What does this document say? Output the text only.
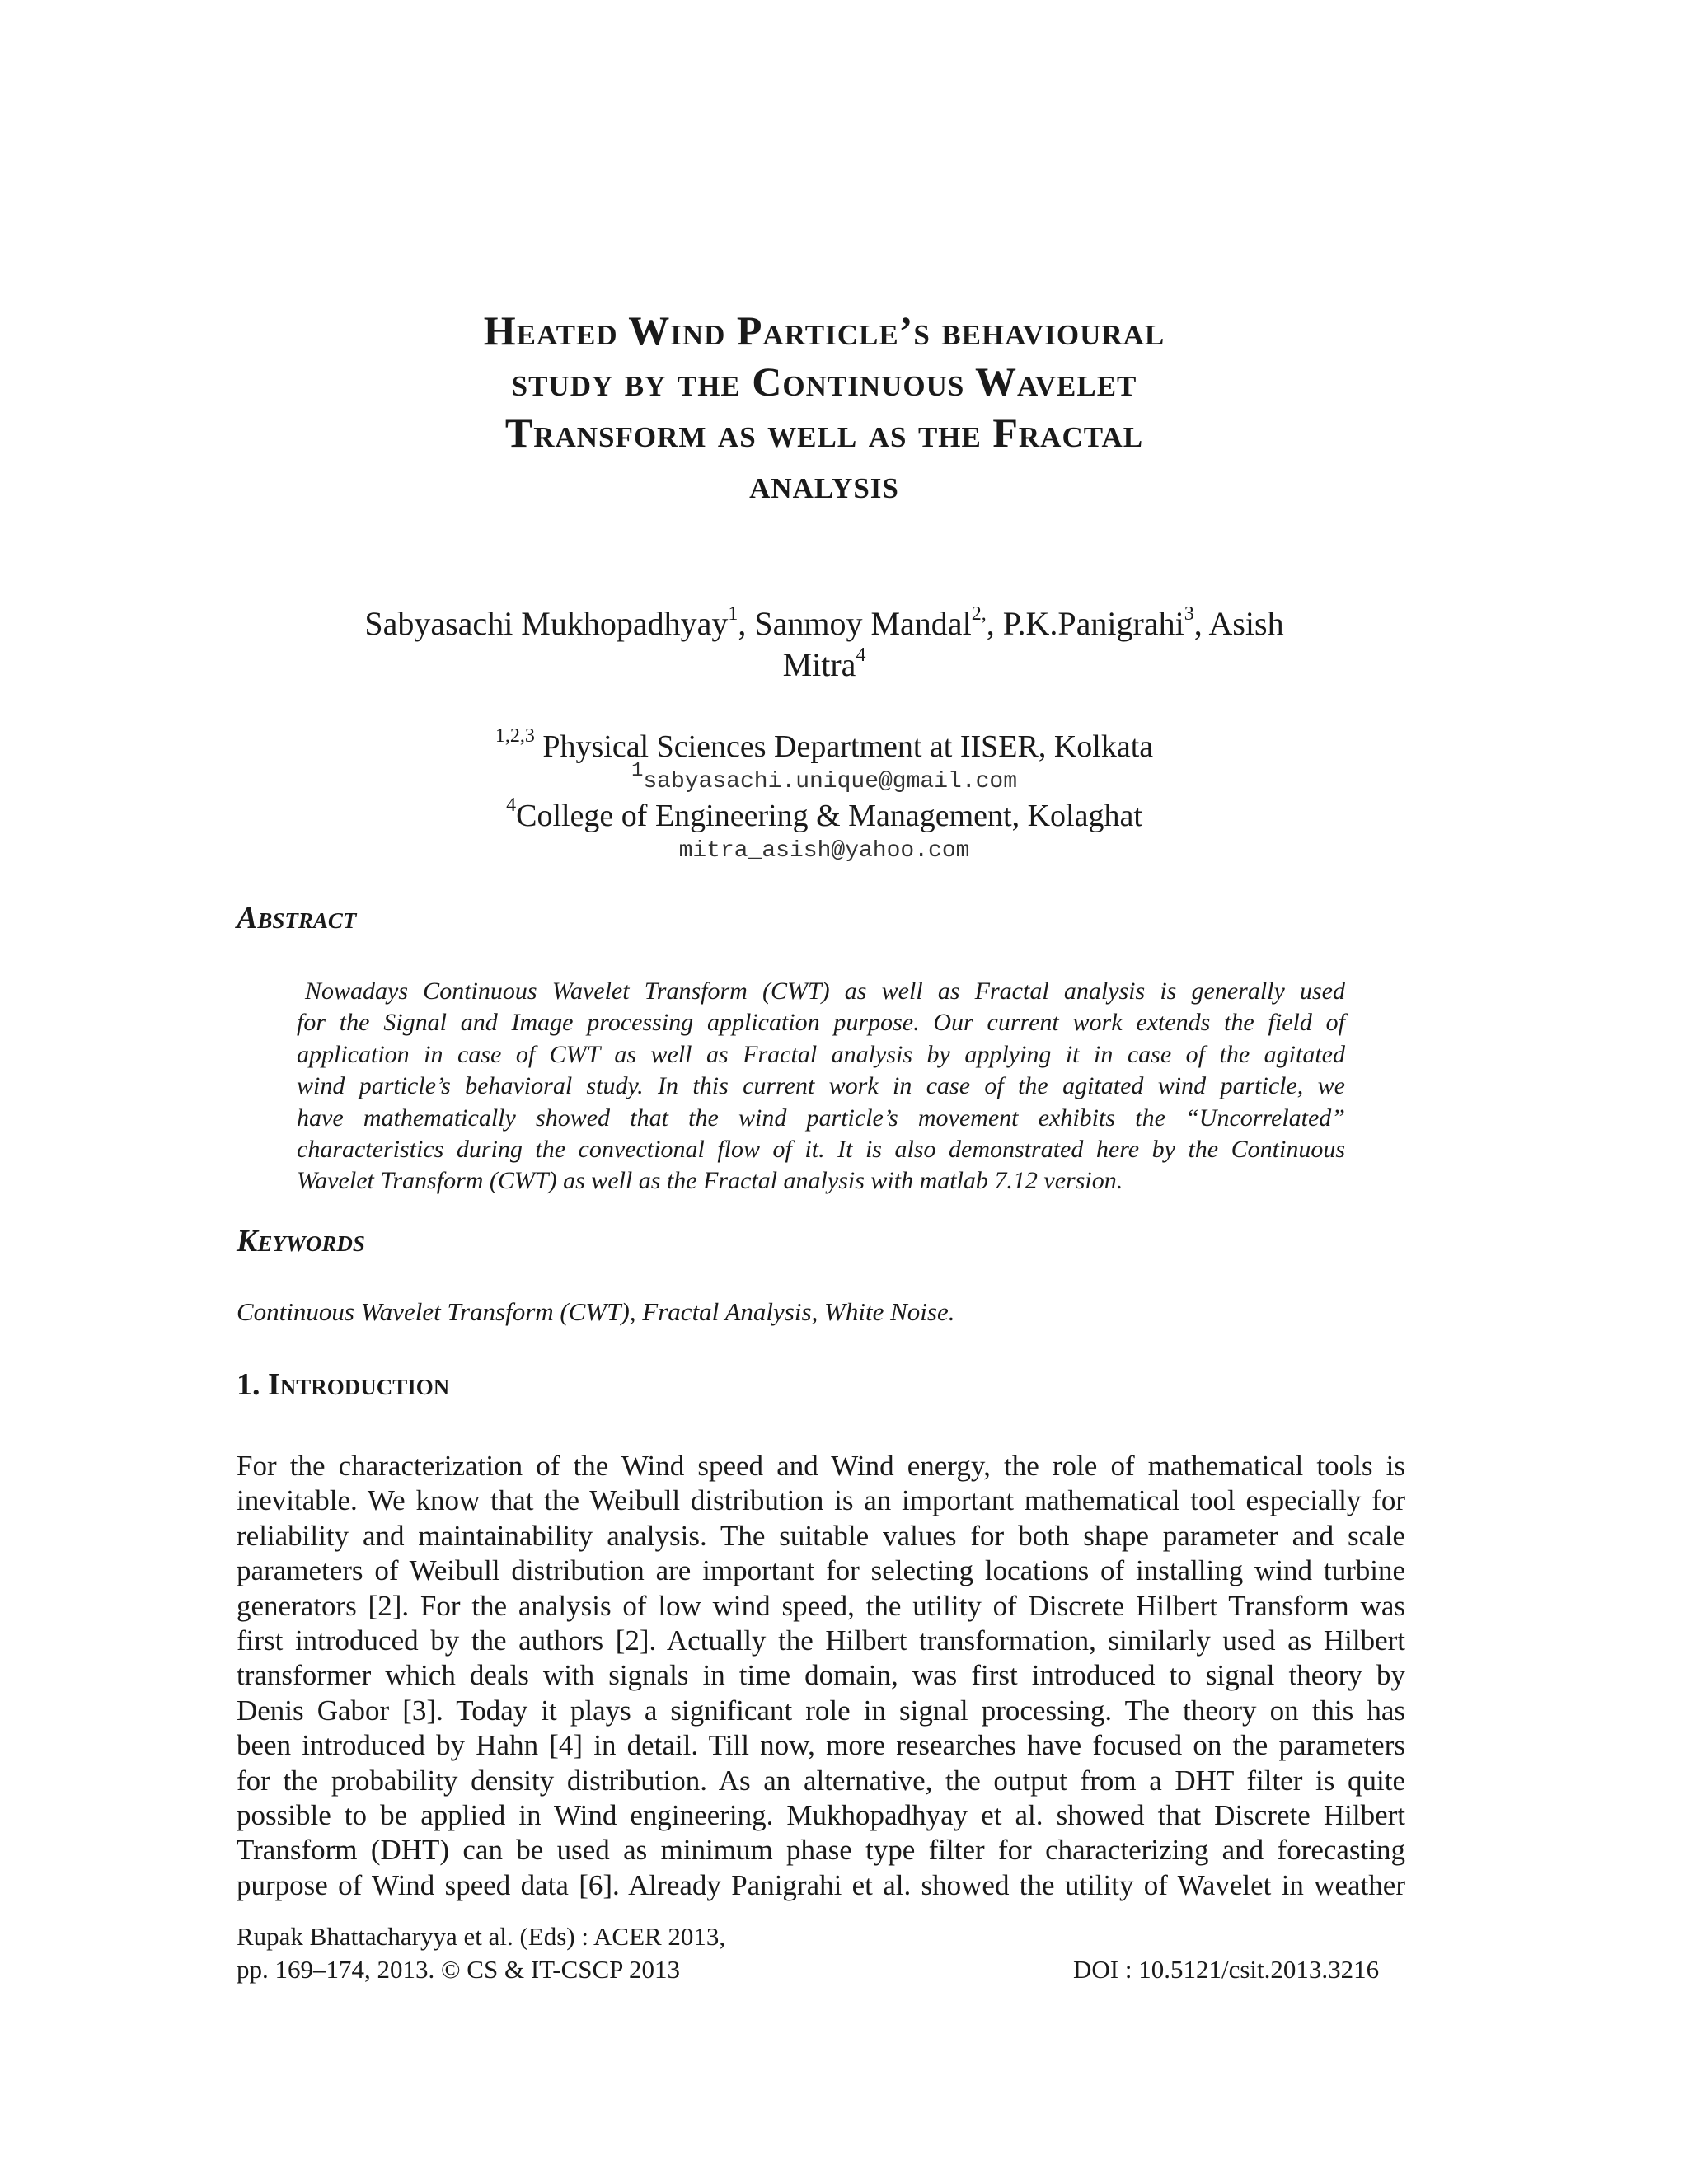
Heated Wind Particle’s behavioural
study by the Continuous Wavelet
Transform as well as the Fractal
analysis
Sabyasachi Mukhopadhyay$^1$, Sanmoy Mandal$^{2,}$, P.K.Panigrahi$^3$, Asish
Mitra$^4$
$^{1,2,3}$ Physical Sciences Department at IISER, Kolkata
$^1$sabyasachi.unique@gmail.com
$^4$College of Engineering & Management, Kolaghat
mitra_asish@yahoo.com
Abstract
Nowadays Continuous Wavelet Transform (CWT) as well as Fractal analysis is generally used
for the Signal and Image processing application purpose. Our current work extends the field of
application in case of CWT as well as Fractal analysis by applying it in case of the agitated
wind particle’s behavioral study. In this current work in case of the agitated wind particle, we
have mathematically showed that the wind particle’s movement exhibits the “Uncorrelated”
characteristics during the convectional flow of it. It is also demonstrated here by the Continuous
Wavelet Transform (CWT) as well as the Fractal analysis with matlab 7.12 version.
Keywords
Continuous Wavelet Transform (CWT), Fractal Analysis, White Noise.
1. Introduction
For the characterization of the Wind speed and Wind energy, the role of mathematical tools is
inevitable. We know that the Weibull distribution is an important mathematical tool especially for
reliability and maintainability analysis. The suitable values for both shape parameter and scale
parameters of Weibull distribution are important for selecting locations of installing wind turbine
generators [2]. For the analysis of low wind speed, the utility of Discrete Hilbert Transform was
first introduced by the authors [2]. Actually the Hilbert transformation, similarly used as Hilbert
transformer which deals with signals in time domain, was first introduced to signal theory by
Denis Gabor [3]. Today it plays a significant role in signal processing. The theory on this has
been introduced by Hahn [4] in detail. Till now, more researches have focused on the parameters
for the probability density distribution. As an alternative, the output from a DHT filter is quite
possible to be applied in Wind engineering. Mukhopadhyay et al. showed that Discrete Hilbert
Transform (DHT) can be used as minimum phase type filter for characterizing and forecasting
purpose of Wind speed data [6]. Already Panigrahi et al. showed the utility of Wavelet in weather
Rupak Bhattacharyya et al. (Eds) : ACER 2013,
pp. 169–174, 2013. © CS & IT-CSCP 2013	DOI : 10.5121/csit.2013.3216
